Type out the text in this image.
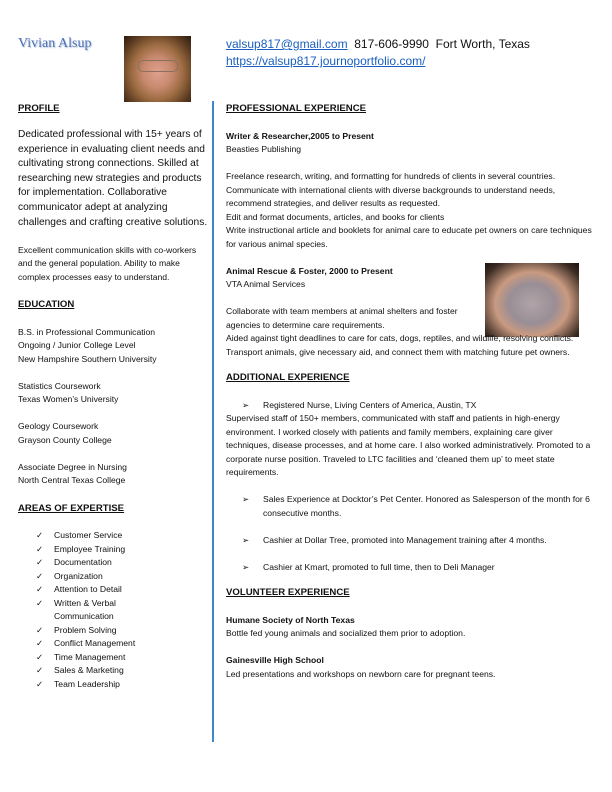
Vivian Alsup	valsup817@gmail.com 817-606-9990 Fort Worth, Texas
https://valsup817.journoportfolio.com/
PROFILE

Dedicated professional with 15+ years of experience in evaluating client needs and cultivating strong connections. Skilled at researching new strategies and products for implementation. Collaborative communicator adept at analyzing challenges and crafting creative solutions.

Excellent communication skills with co-workers and the general population. Ability to make complex processes easy to understand.

EDUCATION

B.S. in Professional Communication

Ongoing / Junior College Level

New Hampshire Southern University

Statistics Coursework

Texas Women’s University

Geology Coursework

Grayson County College

Associate Degree in Nursing

North Central Texas College

AREAS OF EXPERTISE
✓ Customer Service
✓ Employee Training
✓ Documentation
✓ Organization
✓ Attention to Detail
✓ Written & Verbal Communication
✓ Problem Solving
✓ Conflict Management
✓ Time Management
✓ Sales & Marketing
✓ Team Leadership
PROFESSIONAL EXPERIENCE

Writer & Researcher,2005 to Present

Beasties Publishing

Freelance research, writing, and formatting for hundreds of clients in several countries.

Communicate with international clients with diverse backgrounds to understand needs, recommend strategies, and deliver results as requested.

Edit and format documents, articles, and books for clients

Write instructional article and booklets for animal care to educate pet owners on care techniques for various animal species.

Animal Rescue & Foster, 2000 to Present

VTA Animal Services

Collaborate with team members at animal shelters and foster agencies to determine care requirements.

Aided against tight deadlines to care for cats, dogs, reptiles, and wildlife, resolving conflicts.

Transport animals, give necessary aid, and connect them with matching future pet owners.

ADDITIONAL EXPERIENCE

➢ Registered Nurse, Living Centers of America, Austin, TX

Supervised staff of 150+ members, communicated with staff and patients in high-energy environment. I worked closely with patients and family members, explaining care giver techniques, disease processes, and at home care. I also worked administratively. Promoted to a corporate nurse position. Traveled to LTC facilities and ‘cleaned them up’ to meet state requirements.

➢ Sales Experience at Docktor’s Pet Center. Honored as Salesperson of the month for 6 consecutive months.

➢ Cashier at Dollar Tree, promoted into Management training after 4 months.

➢ Cashier at Kmart, promoted to full time, then to Deli Manager

VOLUNTEER EXPERIENCE

Humane Society of North Texas

Bottle fed young animals and socialized them prior to adoption.

Gainesville High School

Led presentations and workshops on newborn care for pregnant teens.
